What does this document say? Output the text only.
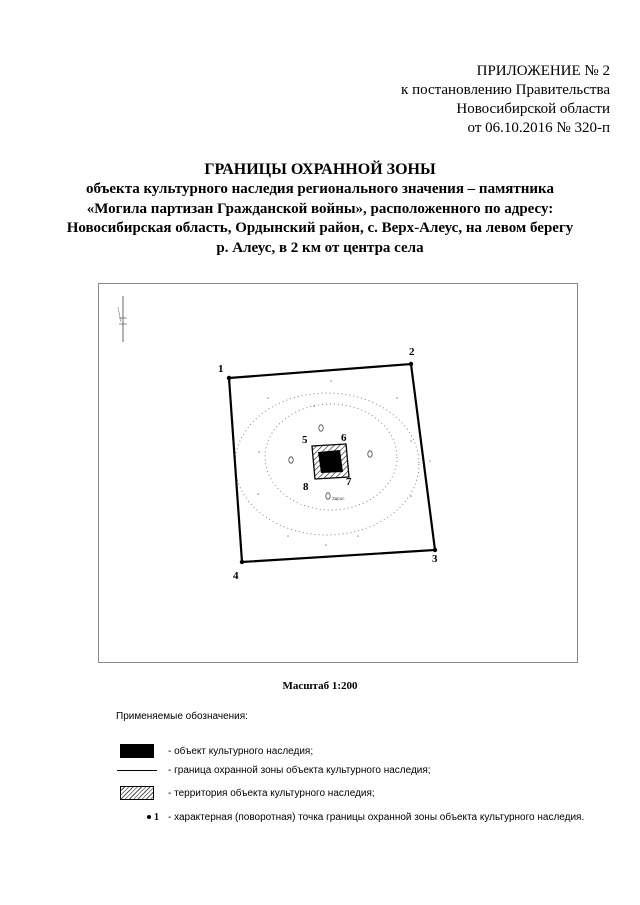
ПРИЛОЖЕНИЕ № 2
к постановлению Правительства
Новосибирской области
от 06.10.2016 № 320-п
ГРАНИЦЫ ОХРАННОЙ ЗОНЫ
объекта культурного наследия регионального значения – памятника
«Могила партизан Гражданской войны», расположенного по адресу:
Новосибирская область, Ордынский район, с. Верх-Алеус, на левом берегу
р. Алеус, в 2 км от центра села
1
2
3
4
5	6
7
8
Зарос
"
"	"
"
"
"
"
"
"
"
"
"
Масштаб 1:200
Применяемые обозначения:
- объект культурного наследия;
- граница охранной зоны объекта культурного наследия;
- территория объекта культурного наследия;
1 - характерная (поворотная) точка границы охранной зоны объекта культурного наследия.
